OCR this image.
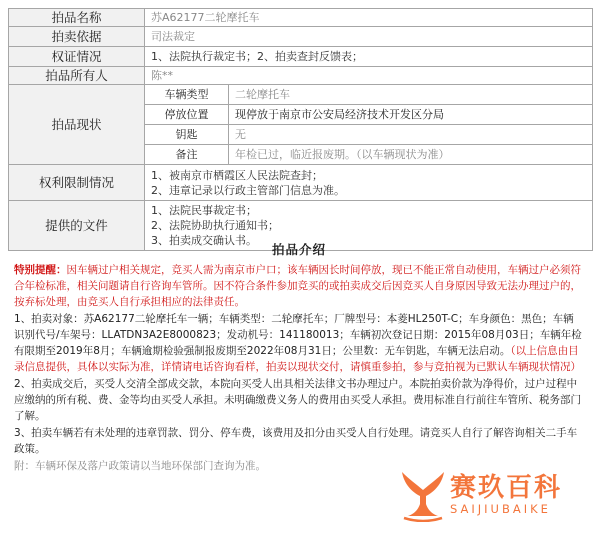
拍品名称	苏A62177二轮摩托车	
拍卖依据	司法裁定	
权证情况	1、法院执行裁定书；2、拍卖查封反馈表；	
拍品所有人	陈**	
拍品现状	车辆类型	二轮摩托车
	停放位置	现停放于南京市公安局经济技术开发区分局
	钥匙	无
	备注	年检已过，临近报废期。（以车辆现状为准）
权利限制情况	1、被南京市栖霞区人民法院查封；
2、违章记录以行政主管部门信息为准。	

提供的文件	1、法院民事裁定书；
2、法院协助执行通知书；
3、拍卖成交确认书。	
拍品介绍

特别提醒：因车辆过户相关规定，竞买人需为南京市户口；该车辆因长时间停放，现已不能正常自动使用，车辆过户必须符合年检标准，相关问题请自行咨询车管所。因不符合条件参加竞买的或拍卖成交后因竞买人自身原因导致无法办理过户的，按弃标处理，由竞买人自行承担相应的法律责任。

1、拍卖对象：苏A62177二轮摩托车一辆；车辆类型：二轮摩托车；厂牌型号：本菱HL250T-C；车身颜色：黑色；车辆识别代号/车架号：LLATDN3A2E8000823；发动机号：141180013；车辆初次登记日期：2015年08月03日；车辆年检有限期至2019年8月；车辆逾期检验强制报废期至2022年08月31日；公里数：无车钥匙，车辆无法启动。（以上信息由目录信息提供，具体以实际为准，详情请电话咨询看样，拍卖以现状交付，请慎重参拍，参与竞拍视为已默认车辆现状情况）

2、拍卖成交后，买受人交清全部成交款，本院向买受人出具相关法律文书办理过户。本院拍卖价款为净得价，过户过程中应缴纳的所有税、费、金等均由买受人承担。未明确缴费义务人的费用由买受人承担。费用标准自行前往车管所、税务部门了解。

3、拍卖车辆若有未处理的违章罚款、罚分、停车费，该费用及扣分由买受人自行处理。请竞买人自行了解咨询相关二手车政策。

附：车辆环保及落户政策请以当地环保部门查询为准。

赛玖百科
SAIJIUBAIKE
